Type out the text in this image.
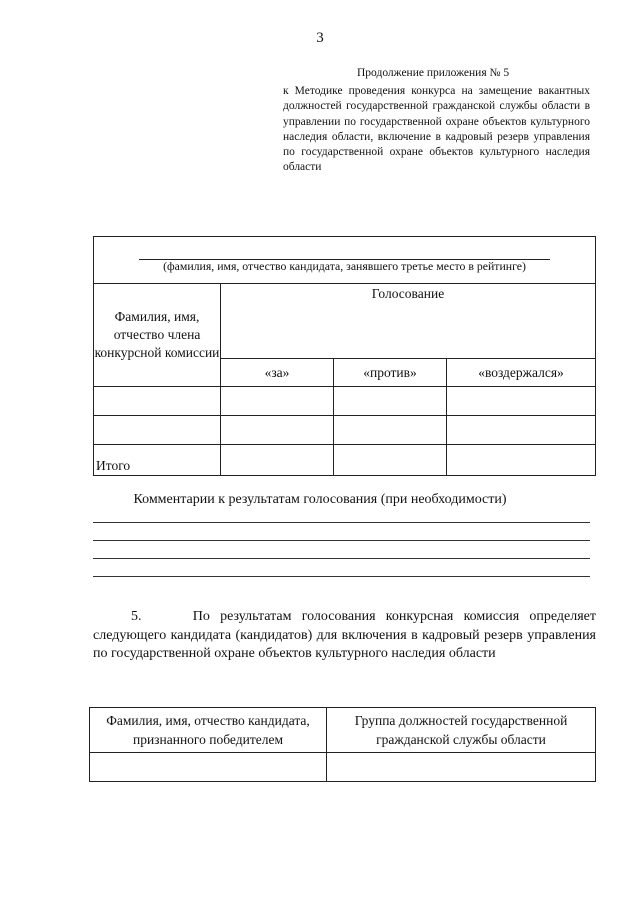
3
Продолжение приложения № 5
к Методике проведения конкурса на замещение вакантных должностей государственной гражданской службы области в управлении по государственной охране объектов культурного наследия области, включение в кадровый резерв управления по государственной охране объектов культурного наследия области
(фамилия, имя, отчество кандидата, занявшего третье место в рейтинге)			

Фамилия, имя, отчество члена конкурсной комиссии	Голосование		
	«за»	«против»	«воздержался»

Итого			
Комментарии к результатам голосования (при необходимости)
5.	По результатам голосования конкурсная комиссия определяет следующего кандидата (кандидатов) для включения в кадровый резерв управления по государственной охране объектов культурного наследия области
Фамилия, имя, отчество кандидата, признанного победителем	Группа должностей государственной гражданской службы области
